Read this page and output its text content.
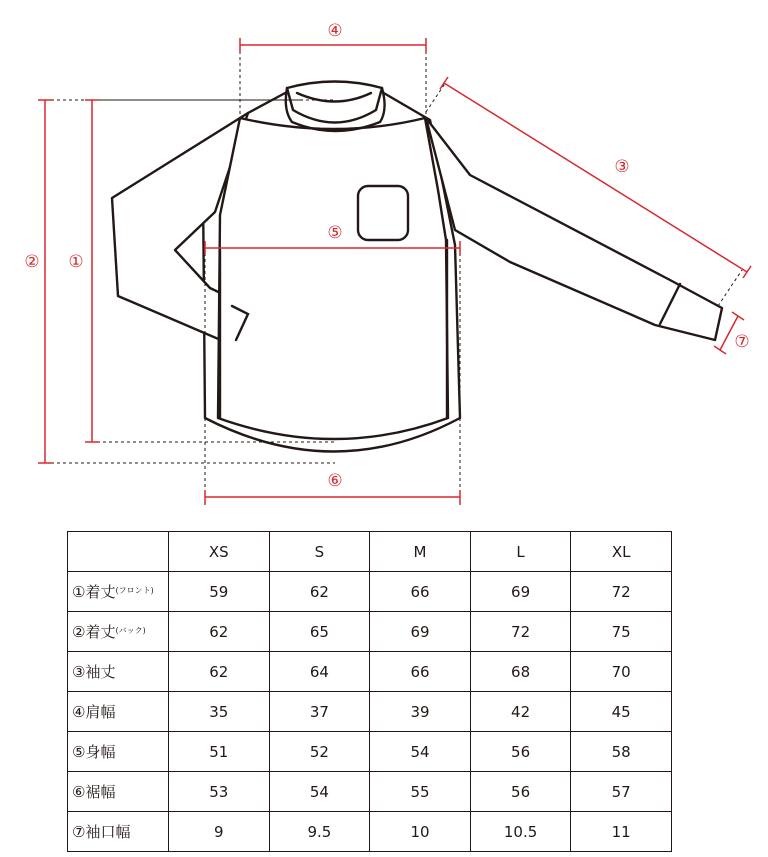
①
②
③
④
⑤
⑥
⑦
	XS	S	M	L	XL
①着丈$^{(フロント)}$	59	62	66	69	72
②着丈$^{(バック)}$	62	65	69	72	75
③袖丈	62	64	66	68	70
④肩幅	35	37	39	42	45
⑤身幅	51	52	54	56	58
⑥裾幅	53	54	55	56	57
⑦袖口幅	9	9.5	10	10.5	11
